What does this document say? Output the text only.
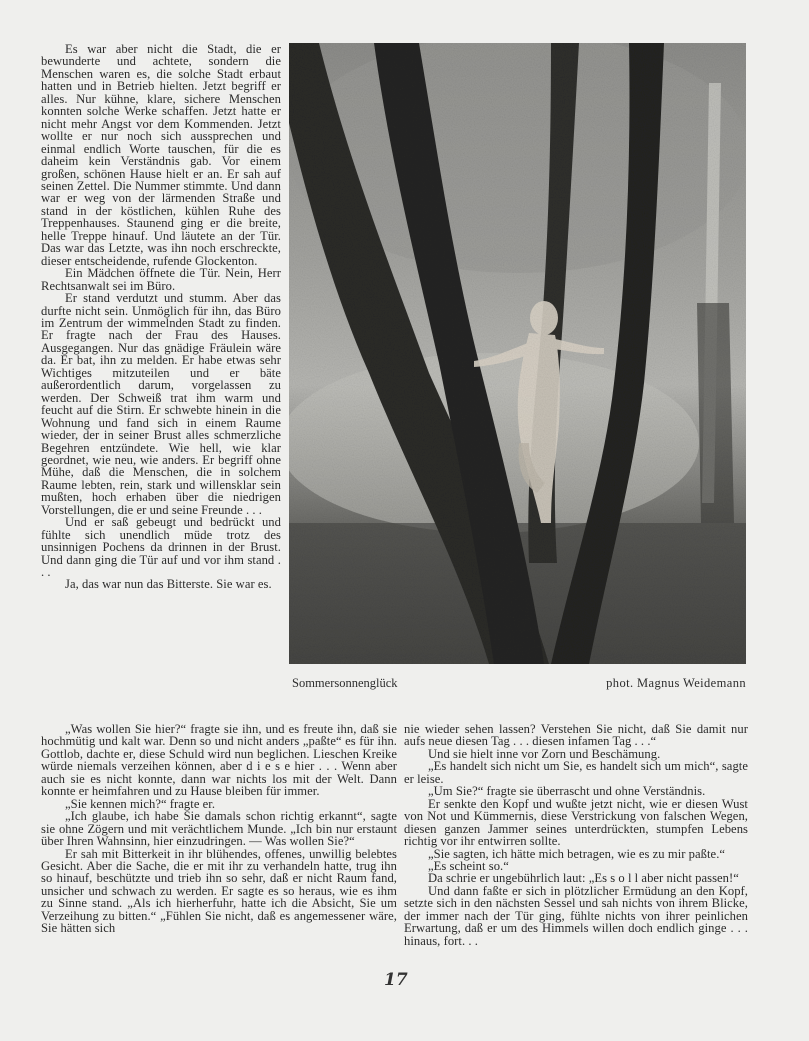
Es war aber nicht die Stadt, die er bewunderte und achtete, sondern die Menschen waren es, die solche Stadt erbaut hatten und in Betrieb hielten. Jetzt begriff er alles. Nur kühne, klare, sichere Menschen konnten solche Werke schaffen. Jetzt hatte er nicht mehr Angst vor dem Kommenden. Jetzt wollte er nur noch sich aussprechen und einmal endlich Worte tauschen, für die es daheim kein Verständnis gab. Vor einem großen, schönen Hause hielt er an. Er sah auf seinen Zettel. Die Nummer stimmte. Und dann war er weg von der lärmenden Straße und stand in der köstlichen, kühlen Ruhe des Treppenhauses. Staunend ging er die breite, helle Treppe hinauf. Und läutete an der Tür. Das war das Letzte, was ihn noch erschreckte, dieser entscheidende, rufende Glockenton.

Ein Mädchen öffnete die Tür. Nein, Herr Rechtsanwalt sei im Büro.

Er stand verdutzt und stumm. Aber das durfte nicht sein. Unmöglich für ihn, das Büro im Zentrum der wimmelnden Stadt zu finden. Er fragte nach der Frau des Hauses. Ausgegangen. Nur das gnädige Fräulein wäre da. Er bat, ihn zu melden. Er habe etwas sehr Wichtiges mitzuteilen und er bäte außerordentlich darum, vorgelassen zu werden. Der Schweiß trat ihm warm und feucht auf die Stirn. Er schwebte hinein in die Wohnung und fand sich in einem Raume wieder, der in seiner Brust alles schmerzliche Begehren entzündete. Wie hell, wie klar geordnet, wie neu, wie anders. Er begriff ohne Mühe, daß die Menschen, die in solchem Raume lebten, rein, stark und willensklar sein mußten, hoch erhaben über die niedrigen Vorstellungen, die er und seine Freunde . . .

Und er saß gebeugt und bedrückt und fühlte sich unendlich müde trotz des unsinnigen Pochens da drinnen in der Brust. Und dann ging die Tür auf und vor ihm stand . . .

Ja, das war nun das Bitterste. Sie war es.

Sommersonnenglück	phot. Magnus Weidemann

„Was wollen Sie hier?“ fragte sie ihn, und es freute ihn, daß sie hochmütig und kalt war. Denn so und nicht anders „paßte“ es für ihn. Gottlob, dachte er, diese Schuld wird nun beglichen. Lieschen Kreike würde niemals verzeihen können, aber d i e s e hier . . . Wenn aber auch sie es nicht konnte, dann war nichts los mit der Welt. Dann konnte er heimfahren und zu Hause bleiben für immer.

„Sie kennen mich?“ fragte er.

„Ich glaube, ich habe Sie damals schon richtig erkannt“, sagte sie ohne Zögern und mit verächtlichem Munde. „Ich bin nur erstaunt über Ihren Wahnsinn, hier einzudringen. — Was wollen Sie?“

Er sah mit Bitterkeit in ihr blühendes, offenes, unwillig belebtes Gesicht. Aber die Sache, die er mit ihr zu verhandeln hatte, trug ihn so hinauf, beschützte und trieb ihn so sehr, daß er nicht Raum fand, unsicher und schwach zu werden. Er sagte es so heraus, wie es ihm zu Sinne stand. „Als ich hierherfuhr, hatte ich die Absicht, Sie um Verzeihung zu bitten.“ „Fühlen Sie nicht, daß es angemessener wäre, Sie hätten sich

nie wieder sehen lassen? Verstehen Sie nicht, daß Sie damit nur aufs neue diesen Tag . . . diesen infamen Tag . . .“

Und sie hielt inne vor Zorn und Beschämung.

„Es handelt sich nicht um Sie, es handelt sich um mich“, sagte er leise.

„Um Sie?“ fragte sie überrascht und ohne Verständnis.

Er senkte den Kopf und wußte jetzt nicht, wie er diesen Wust von Not und Kümmernis, diese Verstrickung von falschen Wegen, diesen ganzen Jammer seines unterdrückten, stumpfen Lebens richtig vor ihr entwirren sollte.

„Sie sagten, ich hätte mich betragen, wie es zu mir paßte.“

„Es scheint so.“

Da schrie er ungebührlich laut: „Es s o l l aber nicht passen!“

Und dann faßte er sich in plötzlicher Ermüdung an den Kopf, setzte sich in den nächsten Sessel und sah nichts von ihrem Blicke, der immer nach der Tür ging, fühlte nichts von ihrer peinlichen Erwartung, daß er um des Himmels willen doch endlich ginge . . . hinaus, fort. . .

17
